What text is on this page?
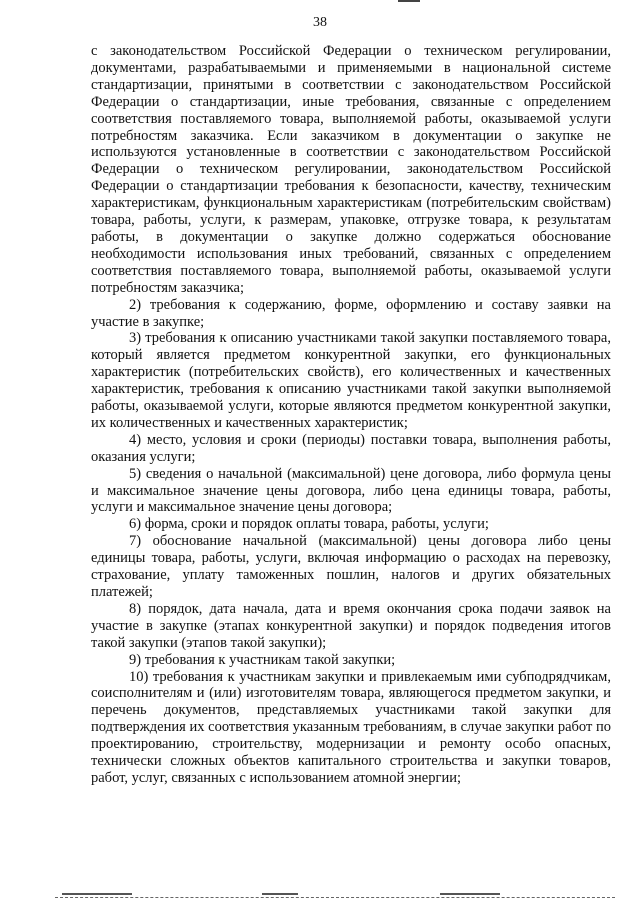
38

с законодательством Российской Федерации о техническом регулировании, документами, разрабатываемыми и применяемыми в национальной системе стандартизации, принятыми в соответствии с законодательством Российской Федерации о стандартизации, иные требования, связанные с определением соответствия поставляемого товара, выполняемой работы, оказываемой услуги потребностям заказчика. Если заказчиком в документации о закупке не используются установленные в соответствии с законодательством Российской Федерации о техническом регулировании, законодательством Российской Федерации о стандартизации требования к безопасности, качеству, техническим характеристикам, функциональным характеристикам (потребительским свойствам) товара, работы, услуги, к размерам, упаковке, отгрузке товара, к результатам работы, в документации о закупке должно содержаться обоснование необходимости использования иных требований, связанных с определением соответствия поставляемого товара, выполняемой работы, оказываемой услуги потребностям заказчика;

2) требования к содержанию, форме, оформлению и составу заявки на участие в закупке;

3) требования к описанию участниками такой закупки поставляемого товара, который является предметом конкурентной закупки, его функциональных характеристик (потребительских свойств), его количественных и качественных характеристик, требования к описанию участниками такой закупки выполняемой работы, оказываемой услуги, которые являются предметом конкурентной закупки, их количественных и качественных характеристик;

4) место, условия и сроки (периоды) поставки товара, выполнения работы, оказания услуги;

5) сведения о начальной (максимальной) цене договора, либо формула цены и максимальное значение цены договора, либо цена единицы товара, работы, услуги и максимальное значение цены договора;

6) форма, сроки и порядок оплаты товара, работы, услуги;

7) обоснование начальной (максимальной) цены договора либо цены единицы товара, работы, услуги, включая информацию о расходах на перевозку, страхование, уплату таможенных пошлин, налогов и других обязательных платежей;

8) порядок, дата начала, дата и время окончания срока подачи заявок на участие в закупке (этапах конкурентной закупки) и порядок подведения итогов такой закупки (этапов такой закупки);

9) требования к участникам такой закупки;

10) требования к участникам закупки и привлекаемым ими субподрядчикам, соисполнителям и (или) изготовителям товара, являющегося предметом закупки, и перечень документов, представляемых участниками такой закупки для подтверждения их соответствия указанным требованиям, в случае закупки работ по проектированию, строительству, модернизации и ремонту особо опасных, технически сложных объектов капитального строительства и закупки товаров, работ, услуг, связанных с использованием атомной энергии;
